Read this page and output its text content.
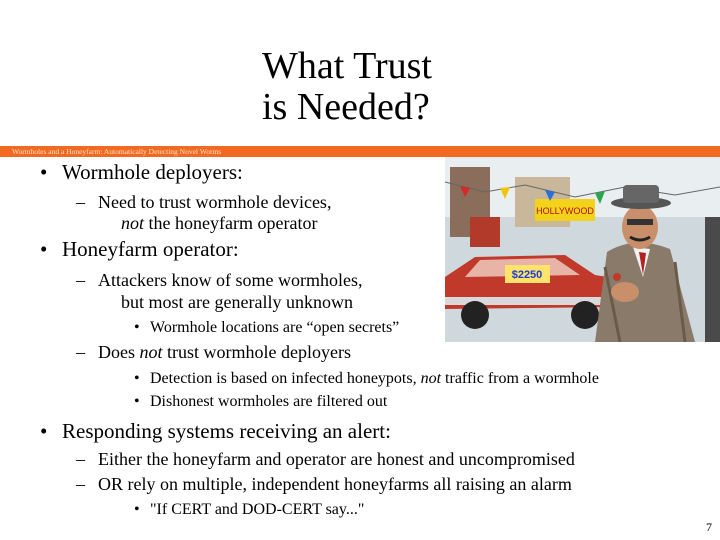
What Trust
is Needed?
Wormholes and a Honeyfarm: Automatically Detecting Novel Worms
HOLLYWOOD
$2250
• Wormhole deployers:
– Need to trust wormhole devices,
not the honeyfarm operator
• Honeyfarm operator:
– Attackers know of some wormholes,
but most are generally unknown
• Wormhole locations are “open secrets”
– Does not trust wormhole deployers
• Detection is based on infected honeypots, not traffic from a wormhole
• Dishonest wormholes are filtered out
• Responding systems receiving an alert:
– Either the honeyfarm and operator are honest and uncompromised
– OR rely on multiple, independent honeyfarms all raising an alarm
• "If CERT and DOD-CERT say..."
7
